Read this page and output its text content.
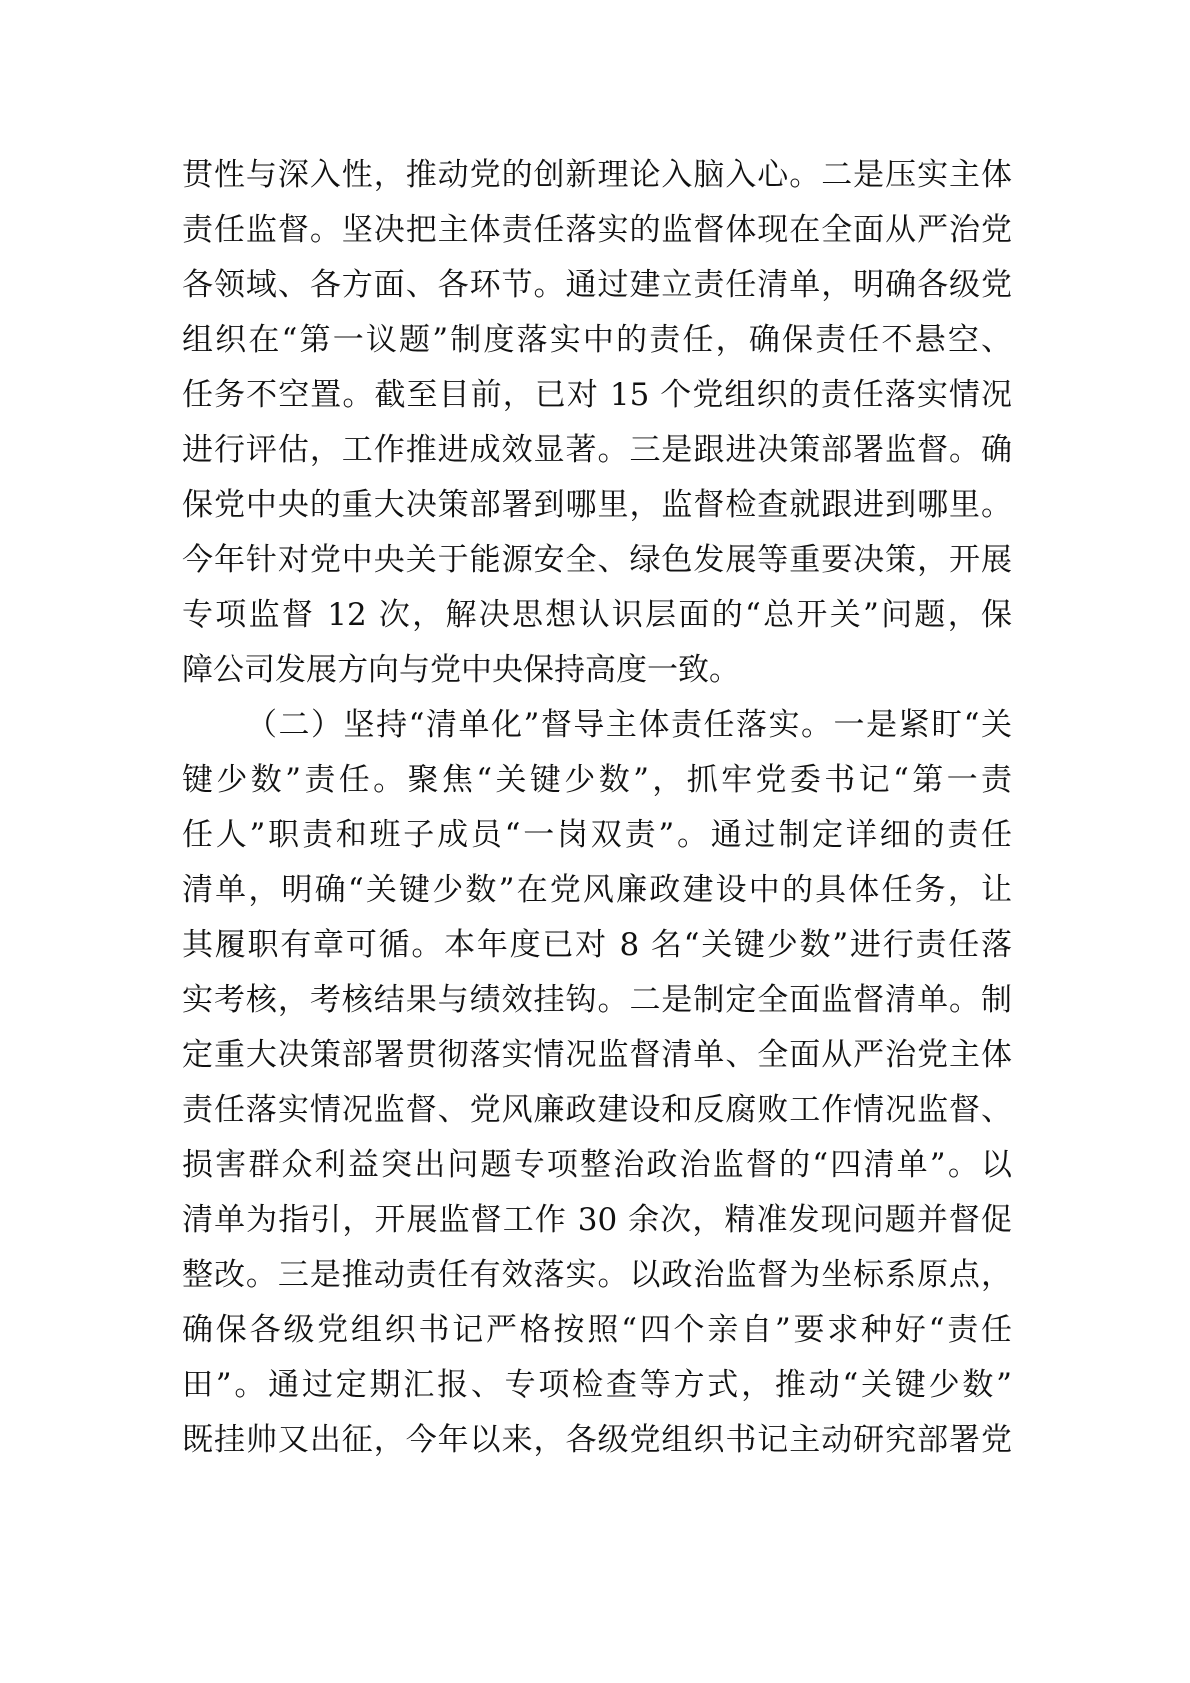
贯性与深入性，推动党的创新理论入脑入心。二是压实主体
责任监督。坚决把主体责任落实的监督体现在全面从严治党
各领域、各方面、各环节。通过建立责任清单，明确各级党
组织在“第一议题”制度落实中的责任，确保责任不悬空、
任务不空置。截至目前，已对 15 个党组织的责任落实情况
进行评估，工作推进成效显著。三是跟进决策部署监督。确
保党中央的重大决策部署到哪里，监督检查就跟进到哪里。
今年针对党中央关于能源安全、绿色发展等重要决策，开展
专项监督 12 次，解决思想认识层面的“总开关”问题，保
障公司发展方向与党中央保持高度一致。
（二）坚持“清单化”督导主体责任落实。一是紧盯“关
键少数”责任。聚焦“关键少数”，抓牢党委书记“第一责
任人”职责和班子成员“一岗双责”。通过制定详细的责任
清单，明确“关键少数”在党风廉政建设中的具体任务，让
其履职有章可循。本年度已对 8 名“关键少数”进行责任落
实考核，考核结果与绩效挂钩。二是制定全面监督清单。制
定重大决策部署贯彻落实情况监督清单、全面从严治党主体
责任落实情况监督、党风廉政建设和反腐败工作情况监督、
损害群众利益突出问题专项整治政治监督的“四清单”。以
清单为指引，开展监督工作 30 余次，精准发现问题并督促
整改。三是推动责任有效落实。以政治监督为坐标系原点，
确保各级党组织书记严格按照“四个亲自”要求种好“责任
田”。通过定期汇报、专项检查等方式，推动“关键少数”
既挂帅又出征，今年以来，各级党组织书记主动研究部署党
